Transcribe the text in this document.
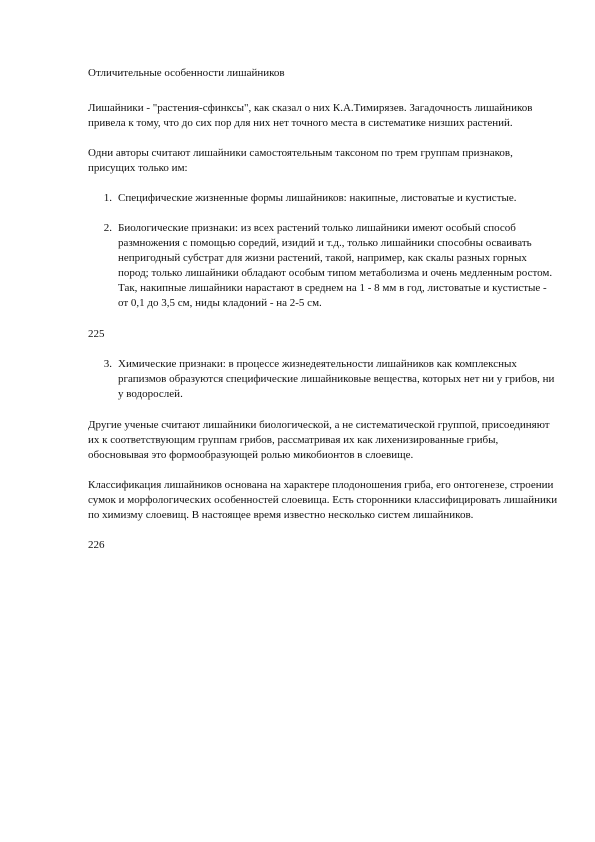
Отличительные особенности лишайников

Лишайники - "растения-сфинксы", как сказал о них К.А.Тимирязев. Загадочность лишайников привела к тому, что до сих пор для них нет точного места в систематике низших растений.

Одни авторы считают лишайники самостоятельным таксоном по трем группам признаков, присущих только им:

1. Специфические жизненные формы лишайников: накипные, листоватые и кустистые.
2. Биологические признаки: из всех растений только лишайники имеют особый способ размножения с помощью соредий, изидий и т.д., только лишайники способны осваивать непригодный субстрат для жизни растений, такой, например, как скалы разных горных пород; только лишайники обладают особым типом метаболизма и очень медленным ростом. Так, накипные лишайники нарастают в среднем на 1 - 8 мм в год, листоватые и кустистые - от 0,1 до 3,5 см, ниды кладоний - на 2-5 см.

225

3. Химические признаки: в процессе жизнедеятельности лишайников как комплексных ргапизмов образуются специфические лишайниковые вещества, которых нет ни у грибов, ни у водорослей.

Другие ученые считают лишайники биологической, а не систематической группой, присоединяют их к соответствующим группам грибов, рассматривая их как лихенизированные грибы, обосновывая это формообразующей ролью микобионтов в слоевище.

Классификация лишайников основана на характере плодоношения гриба, его онтогенезе, строении сумок и морфологических особенностей слоевища. Есть сторонники классифицировать лишайники по химизму слоевищ. В настоящее время известно несколько систем лишайников.

226
